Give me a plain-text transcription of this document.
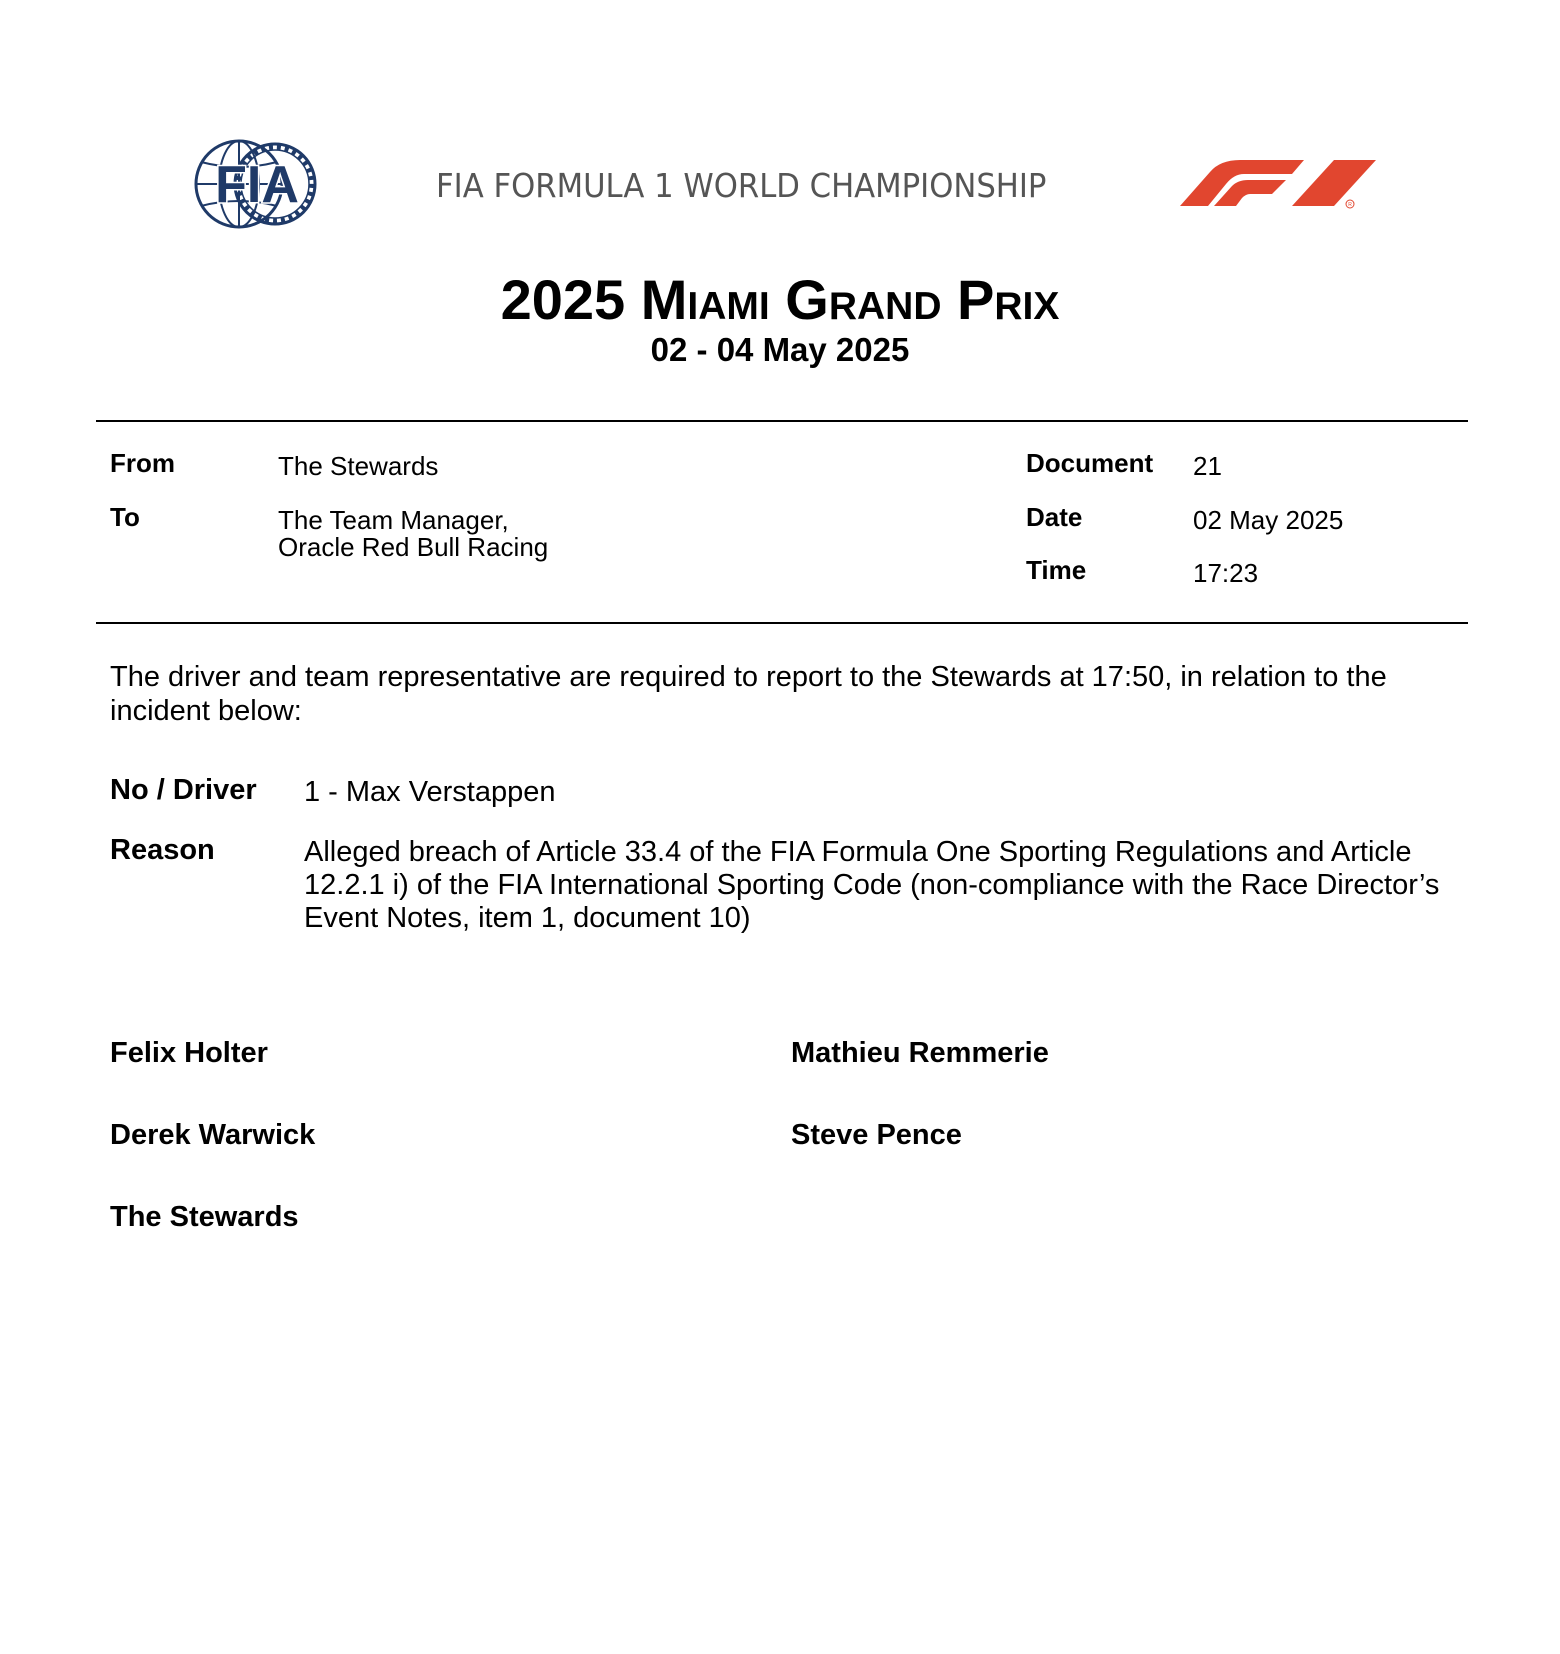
FIA	FIA FORMULA 1 WORLD CHAMPIONSHIP	R
2025 Miami Grand Prix
02 - 04 May 2025
From	The Stewards
To	The Team Manager,
Oracle Red Bull Racing
Document 21
Date	02 May 2025
Time	17:23

The driver and team representative are required to report to the Stewards at 17:50, in relation to the incident below:

No / Driver 1 - Max Verstappen
Reason	Alleged breach of Article 33.4 of the FIA Formula One Sporting Regulations and Article 12.2.1 i) of the FIA International Sporting Code (non-compliance with the Race Director’s Event Notes, item 1, document 10)
Felix Holter	Mathieu Remmerie
Derek Warwick	Steve Pence
The Stewards
